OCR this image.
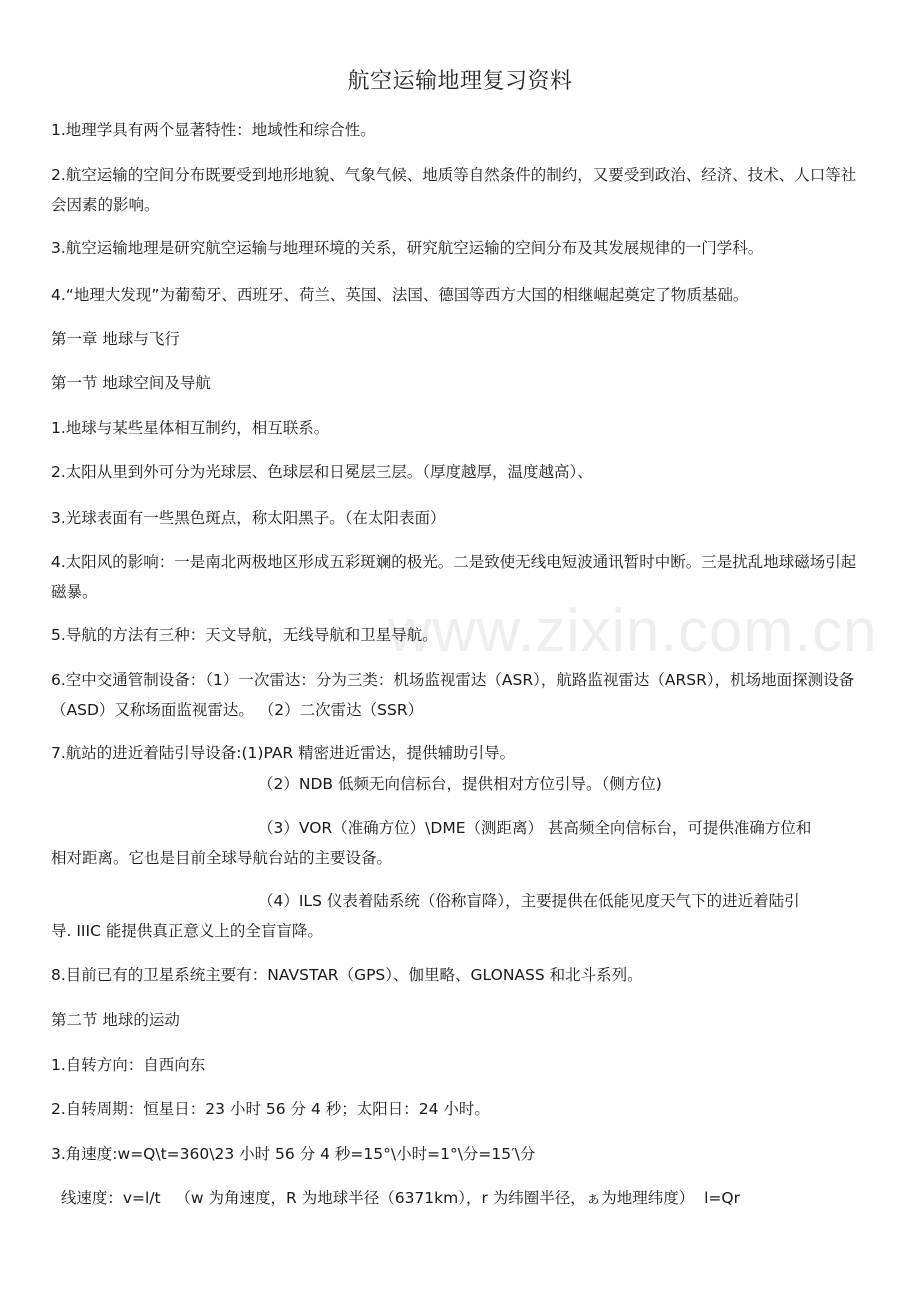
www.zixin.com.cn
航空运输地理复习资料
1.地理学具有两个显著特性：地域性和综合性。
2.航空运输的空间分布既要受到地形地貌、气象气候、地质等自然条件的制约，又要受到政治、经济、技术、人口等社会因素的影响。
3.航空运输地理是研究航空运输与地理环境的关系，研究航空运输的空间分布及其发展规律的一门学科。
4.“地理大发现”为葡萄牙、西班牙、荷兰、英国、法国、德国等西方大国的相继崛起奠定了物质基础。
第一章 地球与飞行
第一节 地球空间及导航
1.地球与某些星体相互制约，相互联系。
2.太阳从里到外可分为光球层、色球层和日冕层三层。（厚度越厚，温度越高）、
3.光球表面有一些黑色斑点，称太阳黑子。（在太阳表面）
4.太阳风的影响：一是南北两极地区形成五彩斑斓的极光。二是致使无线电短波通讯暂时中断。三是扰乱地球磁场引起磁暴。
5.导航的方法有三种：天文导航，无线导航和卫星导航。
6.空中交通管制设备：（1）一次雷达：分为三类：机场监视雷达（ASR），航路监视雷达（ARSR），机场地面探测设备（ASD）又称场面监视雷达。 （2）二次雷达（SSR）
7.航站的进近着陆引导设备:(1)PAR 精密进近雷达，提供辅助引导。
（2）NDB 低频无向信标台，提供相对方位引导。（侧方位)
（3）VOR（准确方位）\DME（测距离） 甚高频全向信标台，可提供准确方位和
相对距离。它也是目前全球导航台站的主要设备。
（4）ILS 仪表着陆系统（俗称盲降），主要提供在低能见度天气下的进近着陆引
导. IIIC 能提供真正意义上的全盲盲降。
8.目前已有的卫星系统主要有：NAVSTAR（GPS）、伽里略、GLONASS 和北斗系列。
第二节 地球的运动
1.自转方向：自西向东
2.自转周期：恒星日：23 小时 56 分 4 秒；太阳日：24 小时。
3.角速度:w=Q\t=360\23 小时 56 分 4 秒=15°\小时=1°\分=15′\分
线速度：v=l/t   （w 为角速度，R 为地球半径（6371km），r 为纬圈半径，ぁ为地理纬度）  l=Qr
